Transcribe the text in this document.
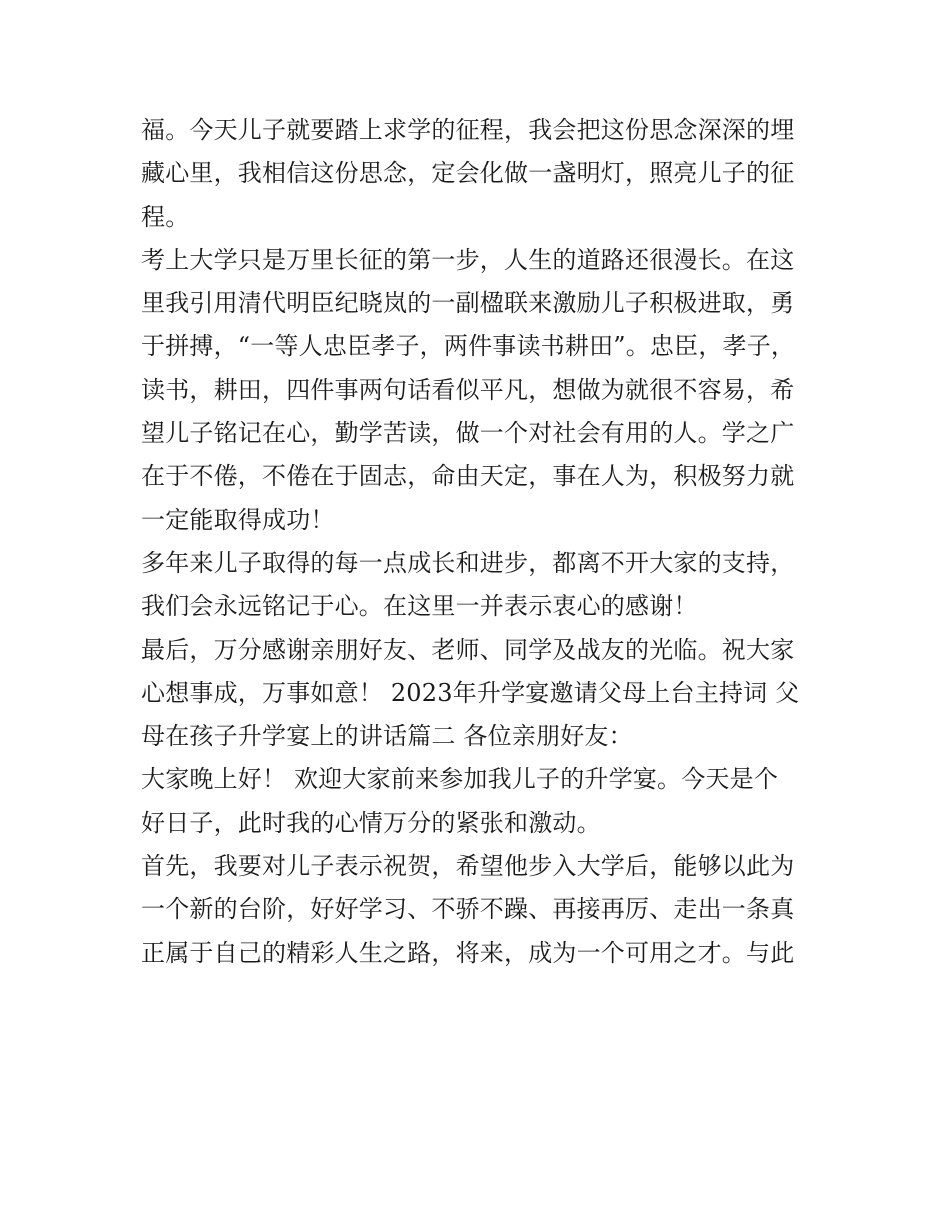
福。今天儿子就要踏上求学的征程，我会把这份思念深深的埋
藏心里，我相信这份思念，定会化做一盏明灯，照亮儿子的征
程。
考上大学只是万里长征的第一步，人生的道路还很漫长。在这
里我引用清代明臣纪晓岚的一副楹联来激励儿子积极进取，勇
于拼搏，“一等人忠臣孝子，两件事读书耕田”。忠臣，孝子，
读书，耕田，四件事两句话看似平凡，想做为就很不容易，希
望儿子铭记在心，勤学苦读，做一个对社会有用的人。学之广
在于不倦，不倦在于固志，命由天定，事在人为，积极努力就
一定能取得成功！
多年来儿子取得的每一点成长和进步，都离不开大家的支持，
我们会永远铭记于心。在这里一并表示衷心的感谢！
最后，万分感谢亲朋好友、老师、同学及战友的光临。祝大家
心想事成，万事如意！ 2023年升学宴邀请父母上台主持词 父
母在孩子升学宴上的讲话篇二 各位亲朋好友：
大家晚上好！ 欢迎大家前来参加我儿子的升学宴。今天是个
好日子，此时我的心情万分的紧张和激动。
首先，我要对儿子表示祝贺，希望他步入大学后，能够以此为
一个新的台阶，好好学习、不骄不躁、再接再厉、走出一条真
正属于自己的精彩人生之路，将来，成为一个可用之才。与此
